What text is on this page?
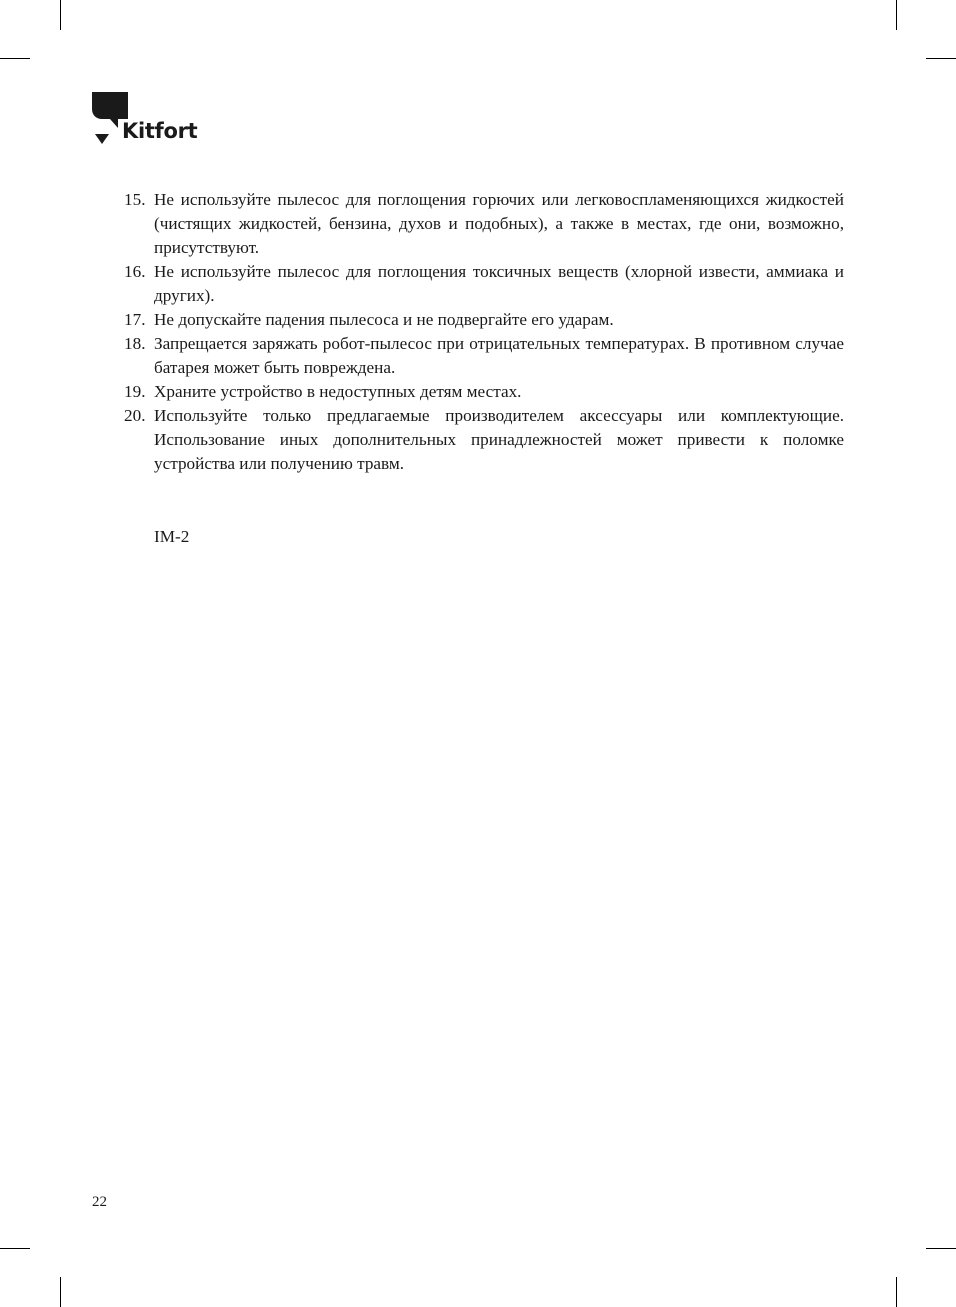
Kitfort
15. Не используйте пылесос для поглощения горючих или легковоспламеняющихся жидкостей (чистящих жидкостей, бензина, духов и подобных), а также в местах, где они, возможно, присутствуют.
16. Не используйте пылесос для поглощения токсичных веществ (хлорной извести, аммиака и других).
17. Не допускайте падения пылесоса и не подвергайте его ударам.
18. Запрещается заряжать робот-пылесос при отрицательных температурах. В противном случае батарея может быть повреждена.
19. Храните устройство в недоступных детям местах.
20. Используйте только предлагаемые производителем аксессуары или комплектующие. Использование иных дополнительных принадлежностей может привести к поломке устройства или получению травм.
IM-2
22
